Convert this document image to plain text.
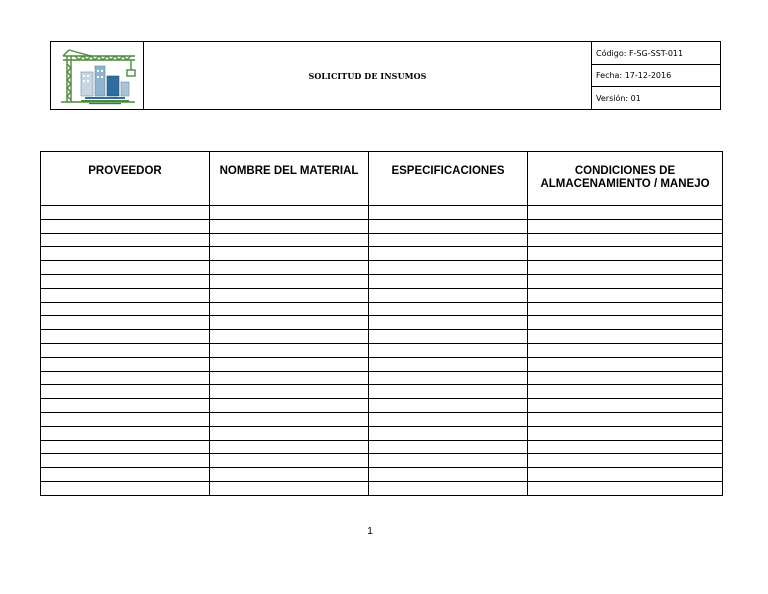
SOLICITUD DE INSUMOS
Código: F-SG-SST-011
Fecha: 17-12-2016
Versión: 01
PROVEEDOR	NOMBRE DEL MATERIAL	ESPECIFICACIONES	CONDICIONES DE ALMACENAMIENTO / MANEJO

1
